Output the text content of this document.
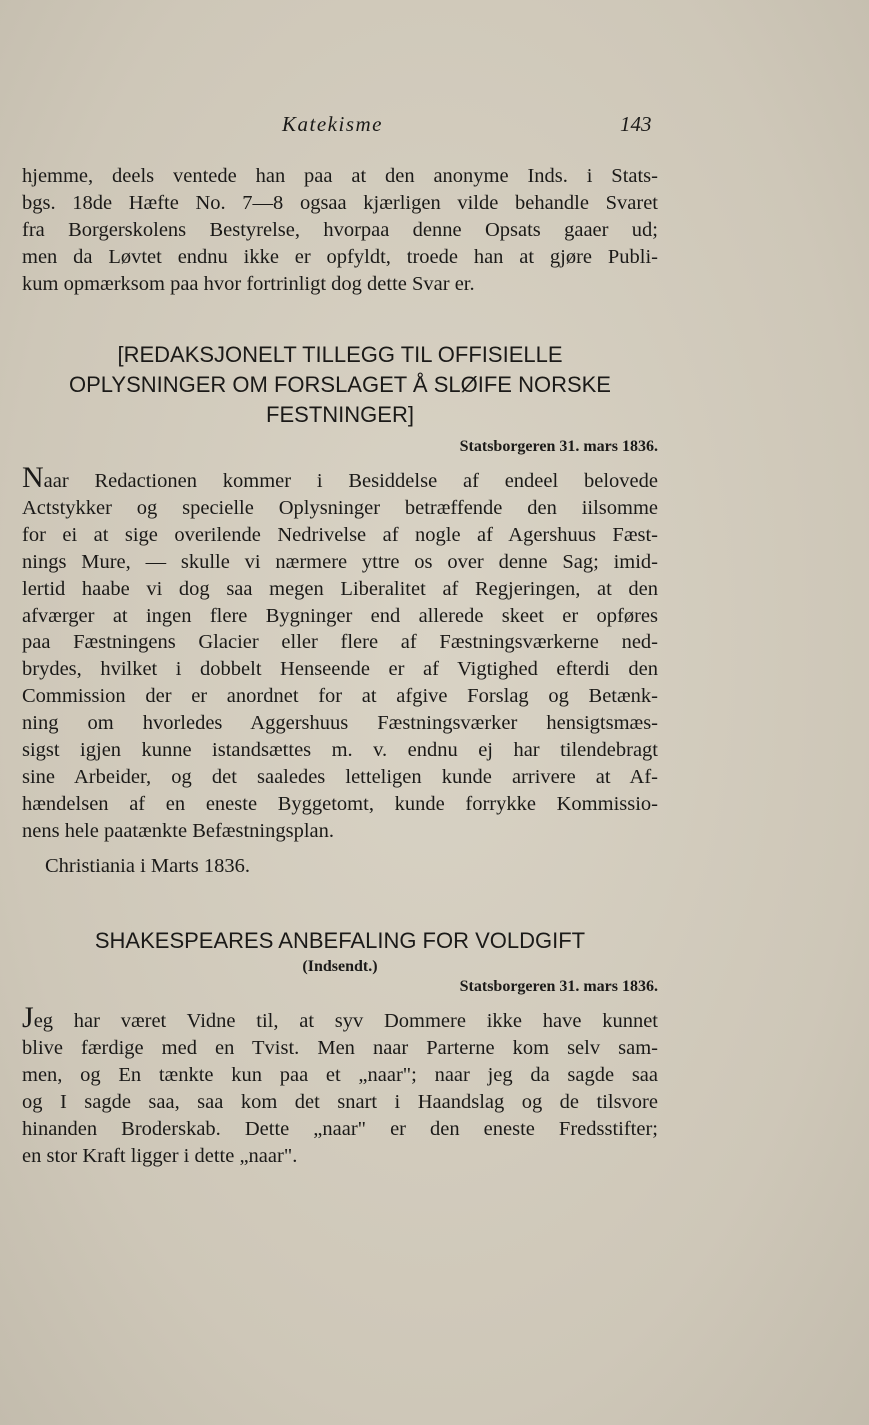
Katekisme	143
hjemme, deels ventede han paa at den anonyme Inds. i Stats-
bgs. 18de Hæfte No. 7—8 ogsaa kjærligen vilde behandle Svaret
fra Borgerskolens Bestyrelse, hvorpaa denne Opsats gaaer ud;
men da Løvtet endnu ikke er opfyldt, troede han at gjøre Publi-
kum opmærksom paa hvor fortrinligt dog dette Svar er.
[REDAKSJONELT TILLEGG TIL OFFISIELLE
OPLYSNINGER OM FORSLAGET Å SLØIFE NORSKE
FESTNINGER]

Statsborgeren 31. mars 1836.

Naar Redactionen kommer i Besiddelse af endeel belovede
Actstykker og specielle Oplysninger betræffende den iilsomme
for ei at sige overilende Nedrivelse af nogle af Agershuus Fæst-
nings Mure, — skulle vi nærmere yttre os over denne Sag; imid-
lertid haabe vi dog saa megen Liberalitet af Regjeringen, at den
afværger at ingen flere Bygninger end allerede skeet er opføres
paa Fæstningens Glacier eller flere af Fæstningsværkerne ned-
brydes, hvilket i dobbelt Henseende er af Vigtighed efterdi den
Commission der er anordnet for at afgive Forslag og Betænk-
ning om hvorledes Aggershuus Fæstningsværker hensigtsmæs-
sigst igjen kunne istandsættes m. v. endnu ej har tilendebragt
sine Arbeider, og det saaledes letteligen kunde arrivere at Af-
hændelsen af en eneste Byggetomt, kunde forrykke Kommissio-
nens hele paatænkte Befæstningsplan.

Christiania i Marts 1836.

SHAKESPEARES ANBEFALING FOR VOLDGIFT

(Indsendt.)

Statsborgeren 31. mars 1836.

Jeg har været Vidne til, at syv Dommere ikke have kunnet
blive færdige med en Tvist. Men naar Parterne kom selv sam-
men, og En tænkte kun paa et „naar"; naar jeg da sagde saa
og I sagde saa, saa kom det snart i Haandslag og de tilsvore
hinanden Broderskab. Dette „naar" er den eneste Fredsstifter;
en stor Kraft ligger i dette „naar".
